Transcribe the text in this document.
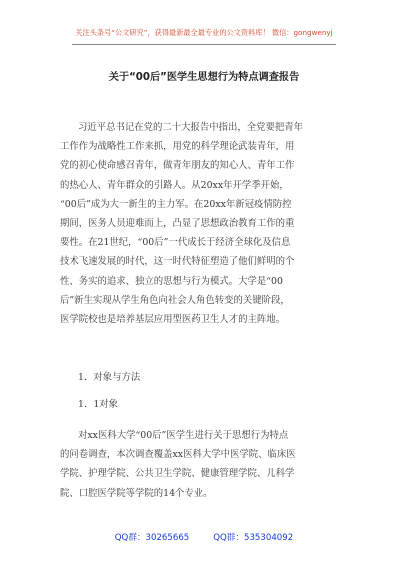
关注头条号“公文研究”，获得最新最全最专业的公文资料库！ 微信：gongwenyj
关于“00后”医学生思想行为特点调查报告
习近平总书记在党的二十大报告中指出，全党要把青年
工作作为战略性工作来抓，用党的科学理论武装青年，用
党的初心使命感召青年，做青年朋友的知心人、青年工作
的热心人、青年群众的引路人。从20xx年开学季开始，
“00后”成为大一新生的主力军。在20xx年新冠疫情防控
期间，医务人员迎难而上，凸显了思想政治教育工作的重
要性。在21世纪，“00后”一代成长于经济全球化及信息
技术飞速发展的时代，这一时代特征塑造了他们鲜明的个
性、务实的追求、独立的思想与行为模式。大学是“00
后”新生实现从学生角色向社会人角色转变的关键阶段，
医学院校也是培养基层应用型医药卫生人才的主阵地。
1．对象与方法
1．1对象
对xx医科大学“00后”医学生进行关于思想行为特点
的问卷调查，本次调查覆盖xx医科大学中医学院、临床医
学院、护理学院、公共卫生学院、健康管理学院、儿科学
院、口腔医学院等学院的14个专业。
QQ群：30265665	QQ群：535304092
